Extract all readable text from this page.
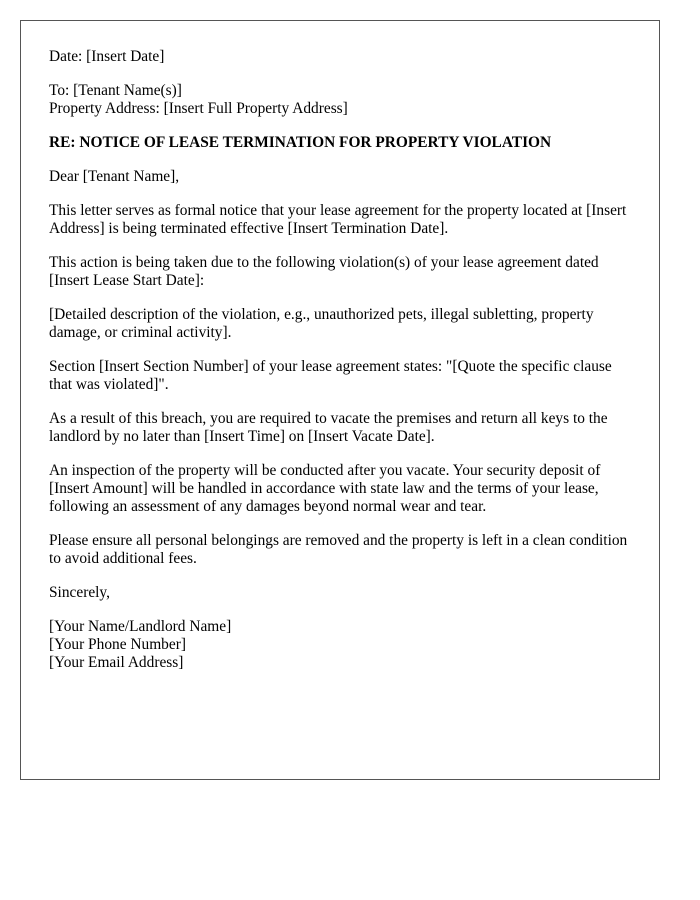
Date: [Insert Date]

To: [Tenant Name(s)]
Property Address: [Insert Full Property Address]

RE: NOTICE OF LEASE TERMINATION FOR PROPERTY VIOLATION

Dear [Tenant Name],

This letter serves as formal notice that your lease agreement for the property located at [Insert Address] is being terminated effective [Insert Termination Date].

This action is being taken due to the following violation(s) of your lease agreement dated [Insert Lease Start Date]:

[Detailed description of the violation, e.g., unauthorized pets, illegal subletting, property damage, or criminal activity].

Section [Insert Section Number] of your lease agreement states: "[Quote the specific clause that was violated]".

As a result of this breach, you are required to vacate the premises and return all keys to the landlord by no later than [Insert Time] on [Insert Vacate Date].

An inspection of the property will be conducted after you vacate. Your security deposit of [Insert Amount] will be handled in accordance with state law and the terms of your lease, following an assessment of any damages beyond normal wear and tear.

Please ensure all personal belongings are removed and the property is left in a clean condition to avoid additional fees.

Sincerely,

[Your Name/Landlord Name]
[Your Phone Number]
[Your Email Address]
